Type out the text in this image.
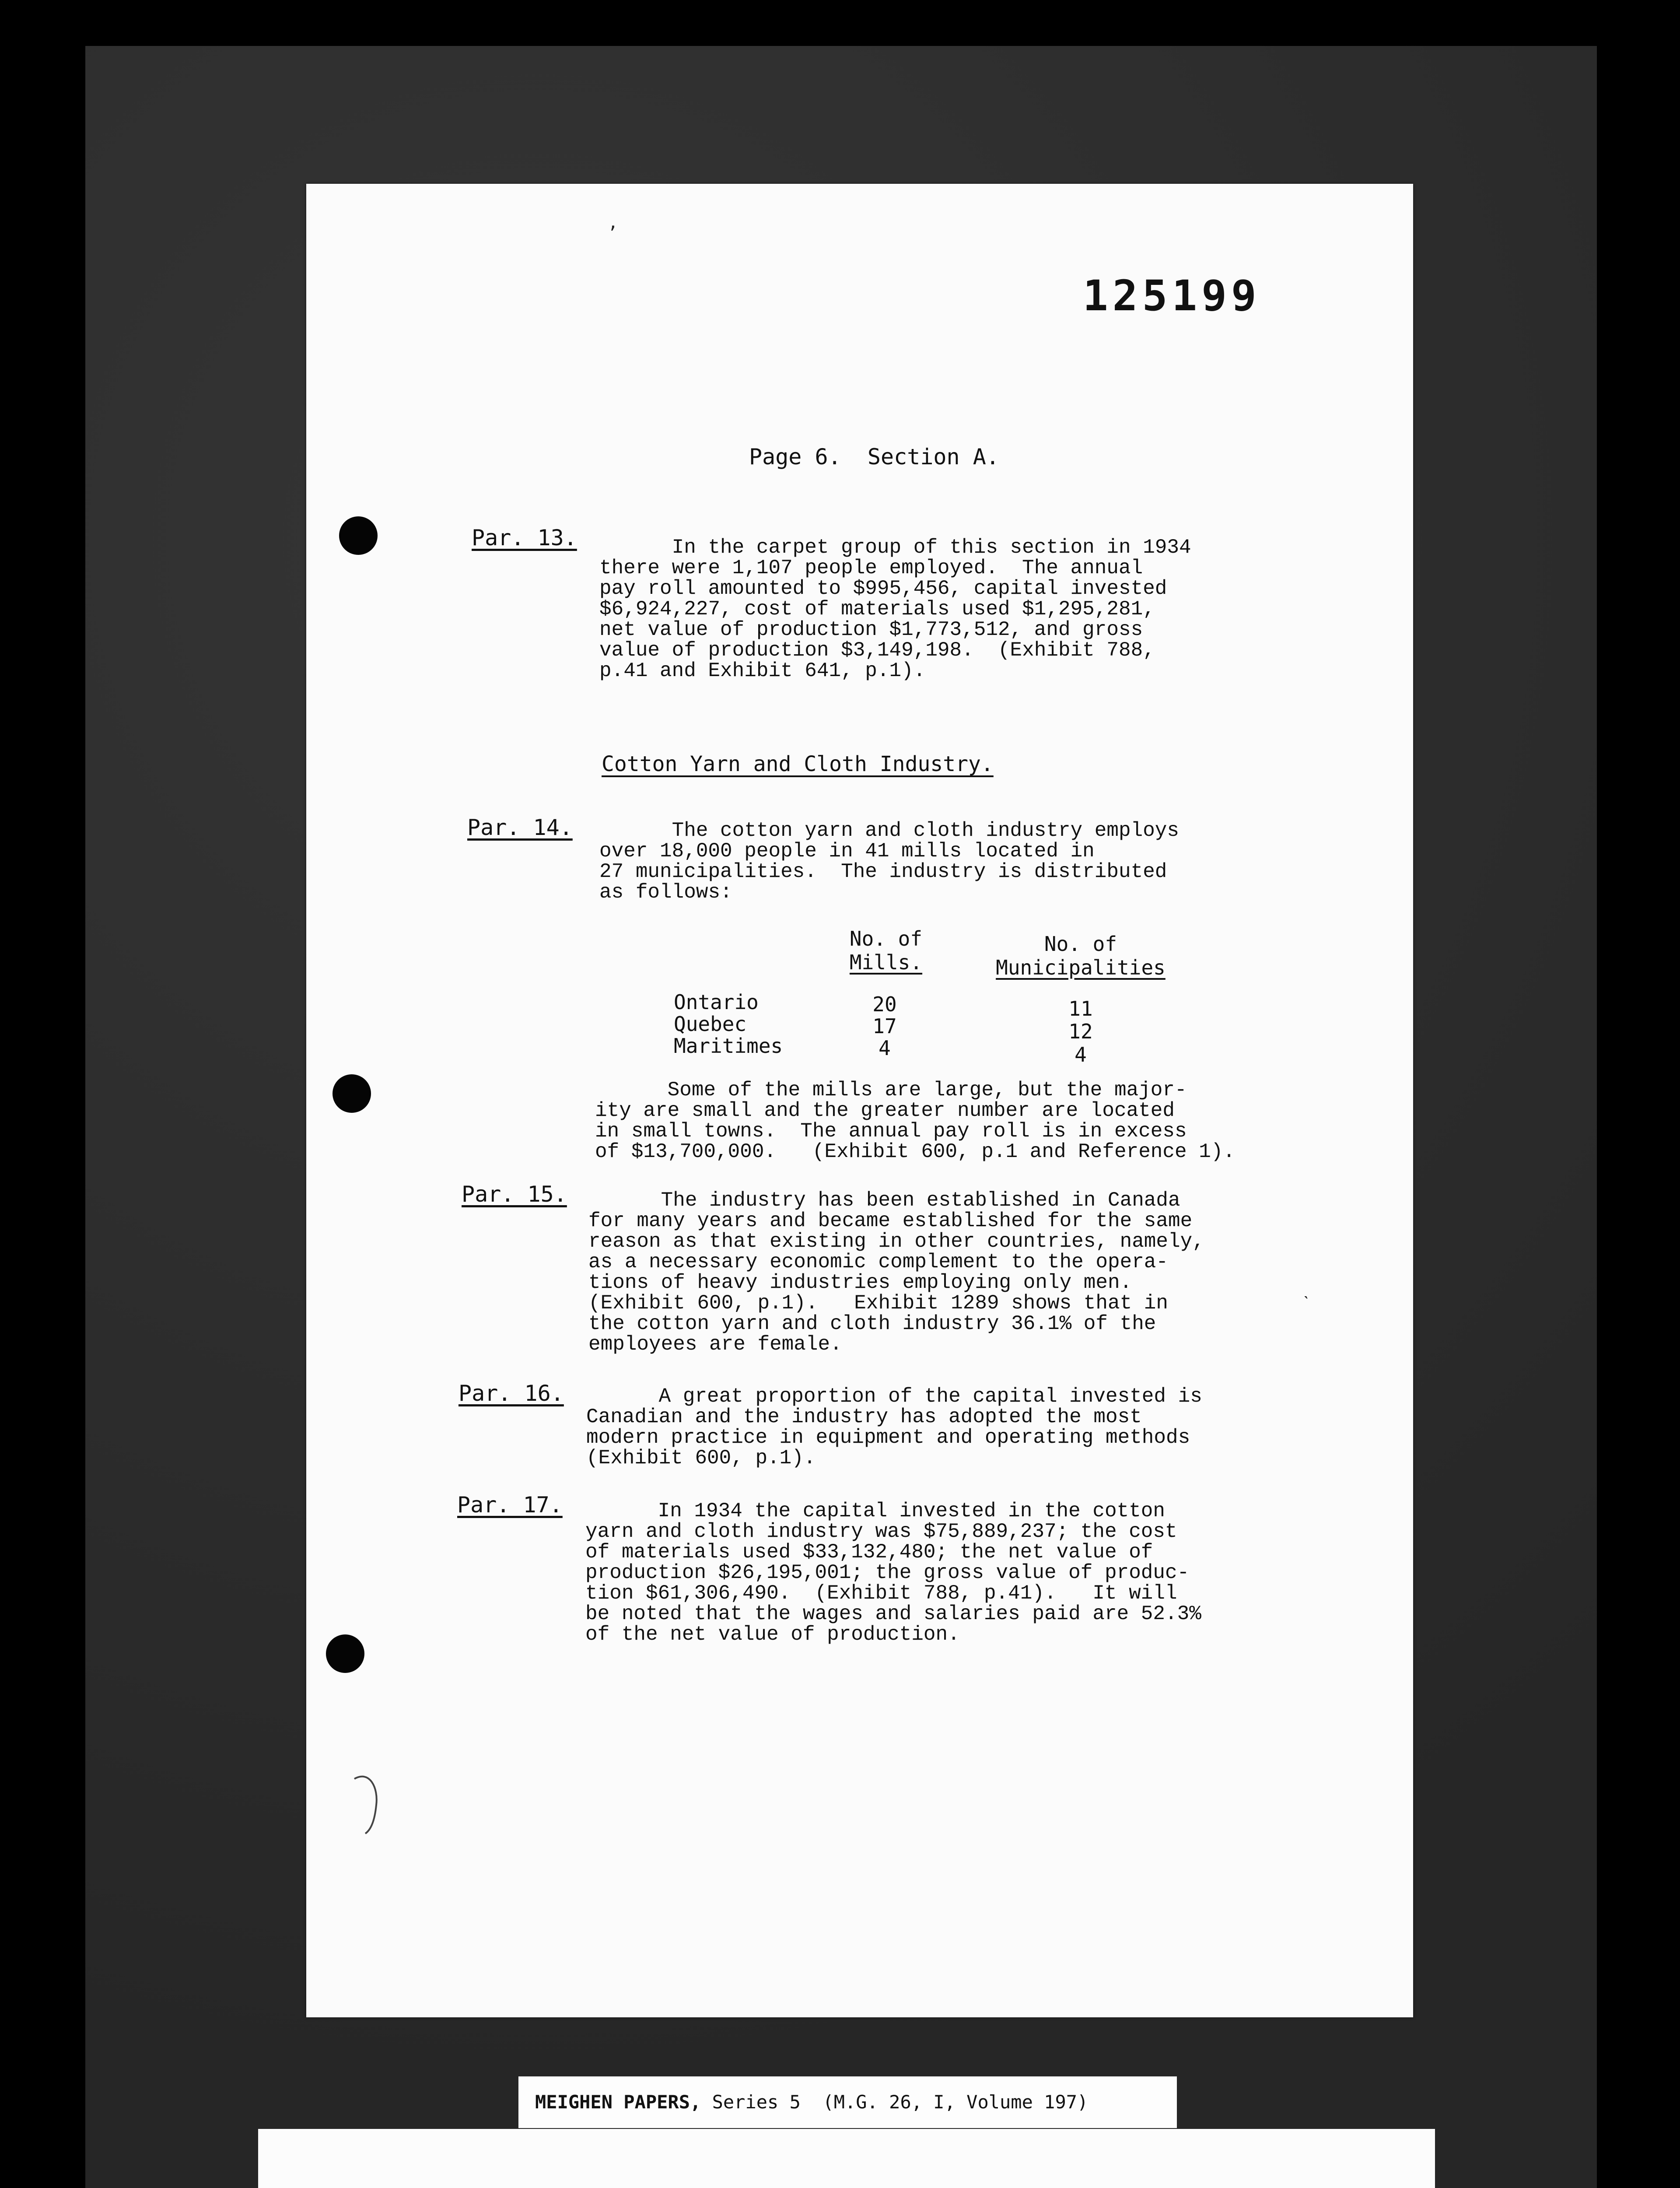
125199
Page 6.  Section A.
ʼ
ˋ
Par. 13. In the carpet group of this section in 1934
there were 1,107 people employed.  The annual
pay roll amounted to $995,456, capital invested
$6,924,227, cost of materials used $1,295,281,
net value of production $1,773,512, and gross
value of production $3,149,198.  (Exhibit 788,
p.41 and Exhibit 641, p.1).
Cotton Yarn and Cloth Industry.
Par. 14. The cotton yarn and cloth industry employs
over 18,000 people in 41 mills located in
27 municipalities.  The industry is distributed
as follows:
No. of
Mills.
No. of
Municipalities
Ontario	20	11
Quebec	17	12
Maritimes	4	4
Some of the mills are large, but the major-
ity are small and the greater number are located
in small towns.  The annual pay roll is in excess
of $13,700,000.   (Exhibit 600, p.1 and Reference 1).
Par. 15. The industry has been established in Canada
for many years and became established for the same
reason as that existing in other countries, namely,
as a necessary economic complement to the opera-
tions of heavy industries employing only men.
(Exhibit 600, p.1).   Exhibit 1289 shows that in
the cotton yarn and cloth industry 36.1% of the
employees are female.
Par. 16. A great proportion of the capital invested is
Canadian and the industry has adopted the most
modern practice in equipment and operating methods
(Exhibit 600, p.1).
Par. 17. In 1934 the capital invested in the cotton
yarn and cloth industry was $75,889,237; the cost
of materials used $33,132,480; the net value of
production $26,195,001; the gross value of produc-
tion $61,306,490.  (Exhibit 788, p.41).   It will
be noted that the wages and salaries paid are 52.3%
of the net value of production.
MEIGHEN PAPERS, Series 5  (M.G. 26, I, Volume 197)
